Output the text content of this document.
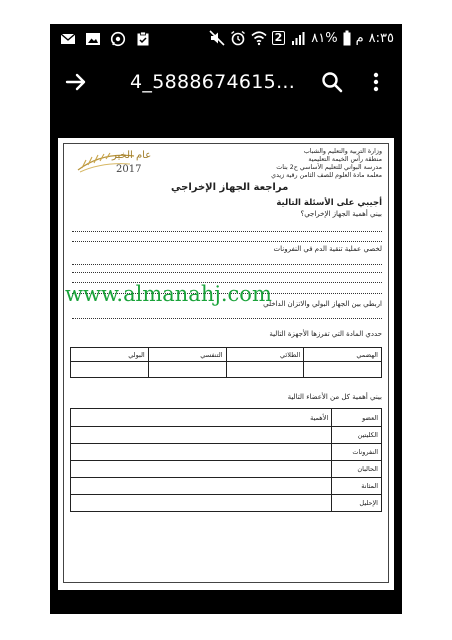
2 ٨١% م ٨:٣٥
4_5888674615...
عام الخير
2017
وزارة التربية والتعليم والشباب
منطقة رأس الخيمة التعليمية
مدرسة البواني للتعليم الأساسي ح2 بنات
معلمة مادة العلوم للصف الثامن رقية زيدي
مراجعة الجهاز الإخراجي
أجيبي على الأسئلة التالية
بيني أهمية الجهاز الإخراجي؟
لخصي عملية تنقية الدم في النفرونات
اربطي بين الجهاز البولي والاتزان الداخلي
حددي المادة التي تفرزها الأجهزة التالية
الهضمي	الطلائي	التنفسي	البولي

بيني أهمية كل من الأعضاء التالية
العضو	الأهمية
الكليتين	
النفرونات	
الحالبان	
المثانة	
الإحليل	
www.almanahj.com
